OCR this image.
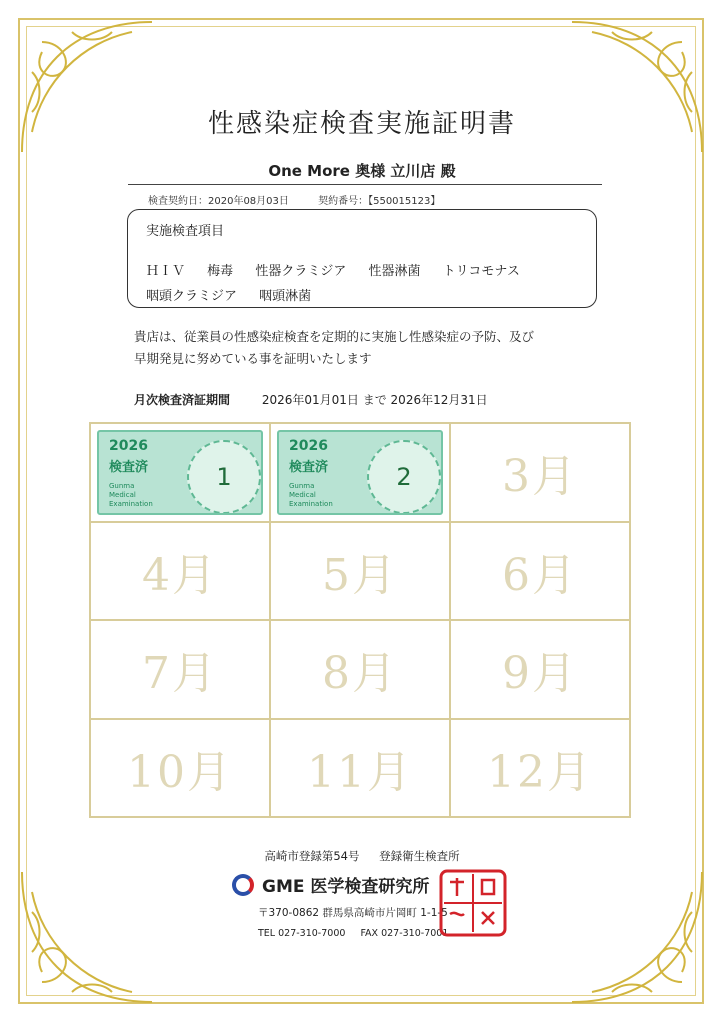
性感染症検査実施証明書
One More 奥様 立川店 殿
検査契約日：2020年08月03日	契約番号：【550015123】
実施検査項目
ＨＩＶ 梅毒 性器クラミジア 性器淋菌 トリコモナス
咽頭クラミジア 咽頭淋菌
貴店は、従業員の性感染症検査を定期的に実施し性感染症の予防、及び
早期発見に努めている事を証明いたします
月次検査済証期間	2026年01月01日 まで 2026年12月31日
2026
検査済
Gunma
Medical
Examination
1
2026
検査済
Gunma
Medical
Examination
2 3月
4月 5月 6月
7月 8月 9月
10月 11月 12月
高崎市登録第54号 登録衛生検査所
GME 医学検査研究所
〒370-0862 群馬県高崎市片岡町 1-1-5
TEL 027-310-7000 FAX 027-310-7001
